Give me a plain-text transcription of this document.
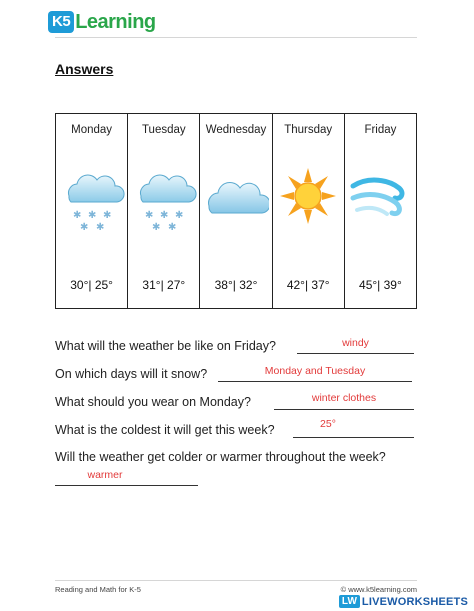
K5 Learning
Answers
Monday
✱ ✱ ✱
✱ ✱
30°| 25°
Tuesday
✱ ✱ ✱
✱ ✱
31°| 27°
Wednesday
38°| 32°
Thursday
42°| 37°
Friday
45°| 39°
What will the weather be like on Friday?	windy
On which days will it snow?	Monday and Tuesday
What should you wear on Monday?	winter clothes
What is the coldest it will get this week?	25°
Will the weather get colder or warmer throughout the week?
warmer
Reading and Math for K-5	© www.k5learning.com
LW LIVEWORKSHEETS
